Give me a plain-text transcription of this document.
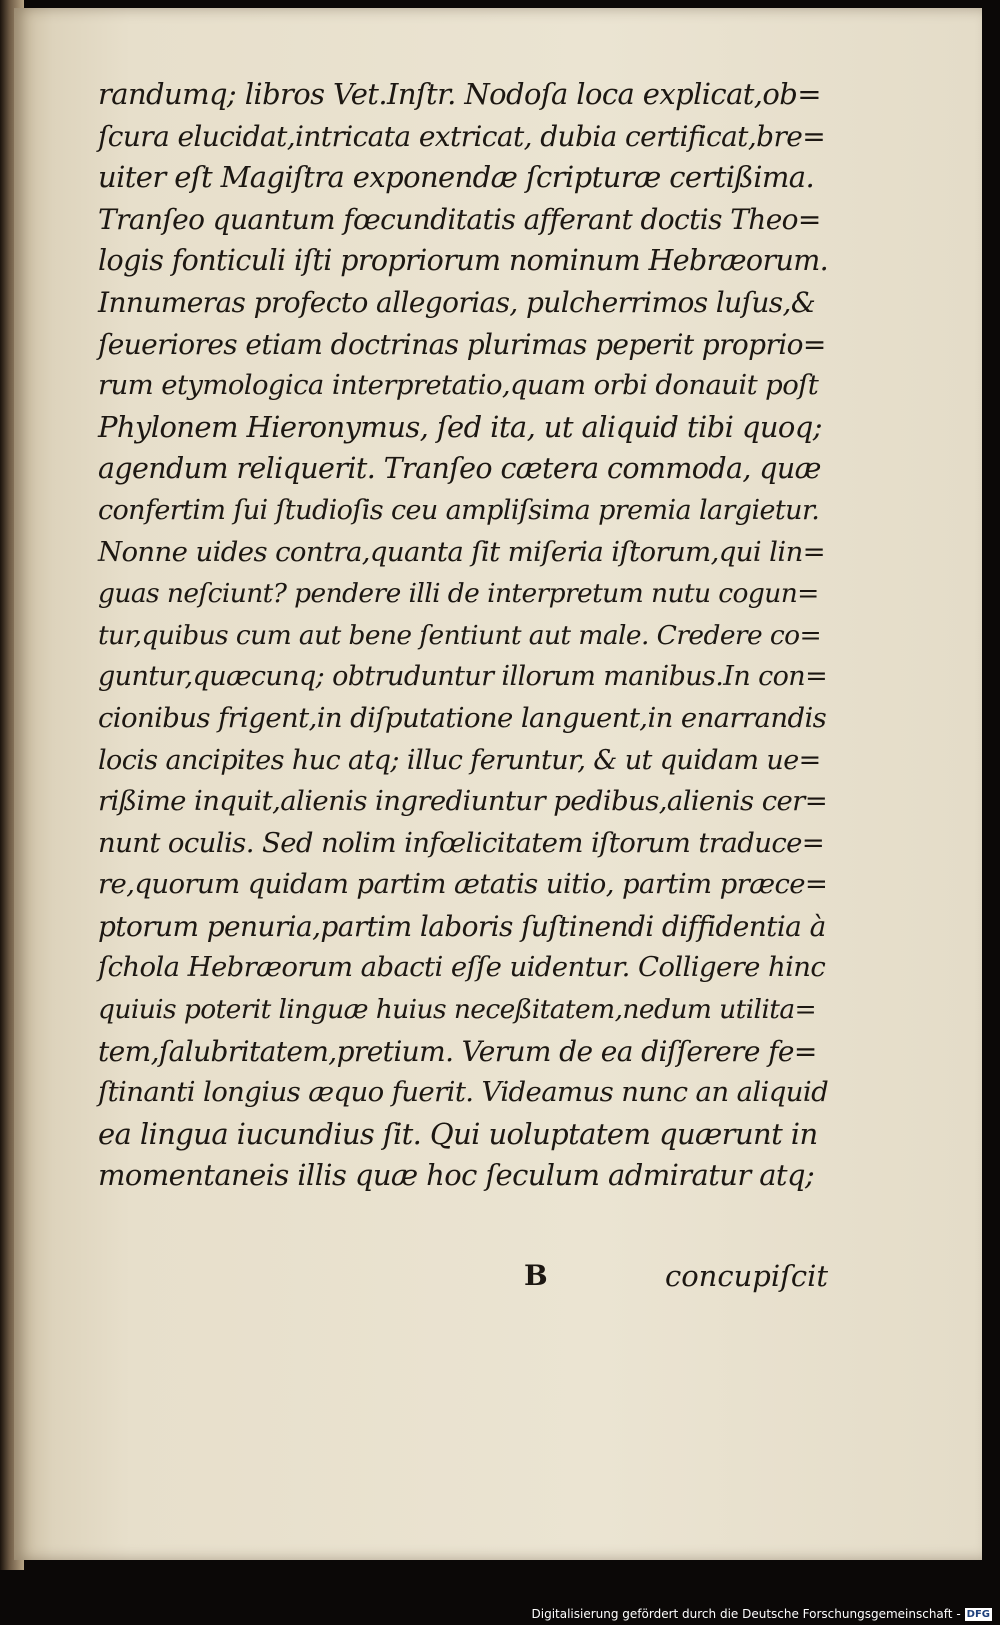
randumq; libros Vet.Inſtr. Nodoſa loca explicat,ob=
ſcura elucidat,intricata extricat, dubia certificat,bre=
uiter eſt Magiſtra exponendæ ſcripturæ certißima.
Tranſeo quantum fœcunditatis afferant doctis Theo=
logis fonticuli iſti propriorum nominum Hebræorum.
Innumeras profecto allegorias, pulcherrimos luſus,&
ſeueriores etiam doctrinas plurimas peperit proprio=
rum etymologica interpretatio,quam orbi donauit poſt
Phylonem Hieronymus, ſed ita, ut aliquid tibi quoq;
agendum reliquerit. Tranſeo cætera commoda, quæ
confertim ſui ſtudioſis ceu ampliſsima premia largietur.
Nonne uides contra,quanta ſit miſeria iſtorum,qui lin=
guas neſciunt? pendere illi de interpretum nutu cogun=
tur,quibus cum aut bene ſentiunt aut male. Credere co=
guntur,quæcunq; obtruduntur illorum manibus.In con=
cionibus frigent,in diſputatione languent,in enarrandis
locis ancipites huc atq; illuc feruntur, & ut quidam ue=
rißime inquit,alienis ingrediuntur pedibus,alienis cer=
nunt oculis. Sed nolim infœlicitatem iſtorum traduce=
re,quorum quidam partim ætatis uitio, partim præce=
ptorum penuria,partim laboris ſuſtinendi diffidentia à
ſchola Hebræorum abacti eſſe uidentur. Colligere hinc
quiuis poterit linguæ huius neceßitatem,nedum utilita=
tem,ſalubritatem,pretium. Verum de ea diſſerere fe=
ſtinanti longius æquo fuerit. Videamus nunc an aliquid
ea lingua iucundius ſit. Qui uoluptatem quærunt in
momentaneis illis quæ hoc ſeculum admiratur atq;
B	concupiſcit
Digitalisierung gefördert durch die Deutsche Forschungsgemeinschaft - DFG
